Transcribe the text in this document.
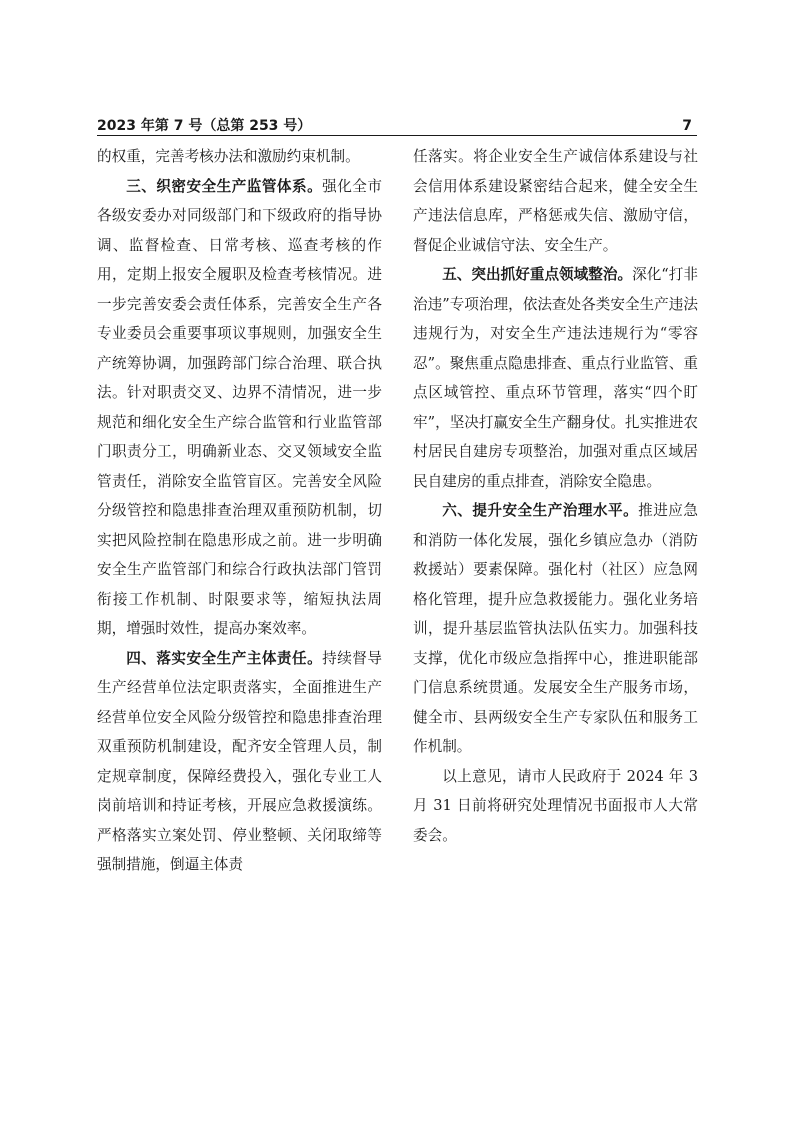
2023 年第 7 号（总第 253 号）	7

的权重，完善考核办法和激励约束机制。

三、织密安全生产监管体系。强化全市各级安委办对同级部门和下级政府的指导协调、监督检查、日常考核、巡查考核的作用，定期上报安全履职及检查考核情况。进一步完善安委会责任体系，完善安全生产各专业委员会重要事项议事规则，加强安全生产统筹协调，加强跨部门综合治理、联合执法。针对职责交叉、边界不清情况，进一步规范和细化安全生产综合监管和行业监管部门职责分工，明确新业态、交叉领域安全监管责任，消除安全监管盲区。完善安全风险分级管控和隐患排查治理双重预防机制，切实把风险控制在隐患形成之前。进一步明确安全生产监管部门和综合行政执法部门管罚衔接工作机制、时限要求等，缩短执法周期，增强时效性，提高办案效率。

四、落实安全生产主体责任。持续督导生产经营单位法定职责落实，全面推进生产经营单位安全风险分级管控和隐患排查治理双重预防机制建设，配齐安全管理人员，制定规章制度，保障经费投入，强化专业工人岗前培训和持证考核，开展应急救援演练。严格落实立案处罚、停业整顿、关闭取缔等强制措施，倒逼主体责

任落实。将企业安全生产诚信体系建设与社会信用体系建设紧密结合起来，健全安全生产违法信息库，严格惩戒失信、激励守信，督促企业诚信守法、安全生产。

五、突出抓好重点领域整治。深化“打非治违”专项治理，依法查处各类安全生产违法违规行为，对安全生产违法违规行为“零容忍”。聚焦重点隐患排查、重点行业监管、重点区域管控、重点环节管理，落实“四个盯牢”，坚决打赢安全生产翻身仗。扎实推进农村居民自建房专项整治，加强对重点区域居民自建房的重点排查，消除安全隐患。

六、提升安全生产治理水平。推进应急和消防一体化发展，强化乡镇应急办（消防救援站）要素保障。强化村（社区）应急网格化管理，提升应急救援能力。强化业务培训，提升基层监管执法队伍实力。加强科技支撑，优化市级应急指挥中心，推进职能部门信息系统贯通。发展安全生产服务市场，健全市、县两级安全生产专家队伍和服务工作机制。

以上意见，请市人民政府于 2024 年 3 月 31 日前将研究处理情况书面报市人大常委会。
